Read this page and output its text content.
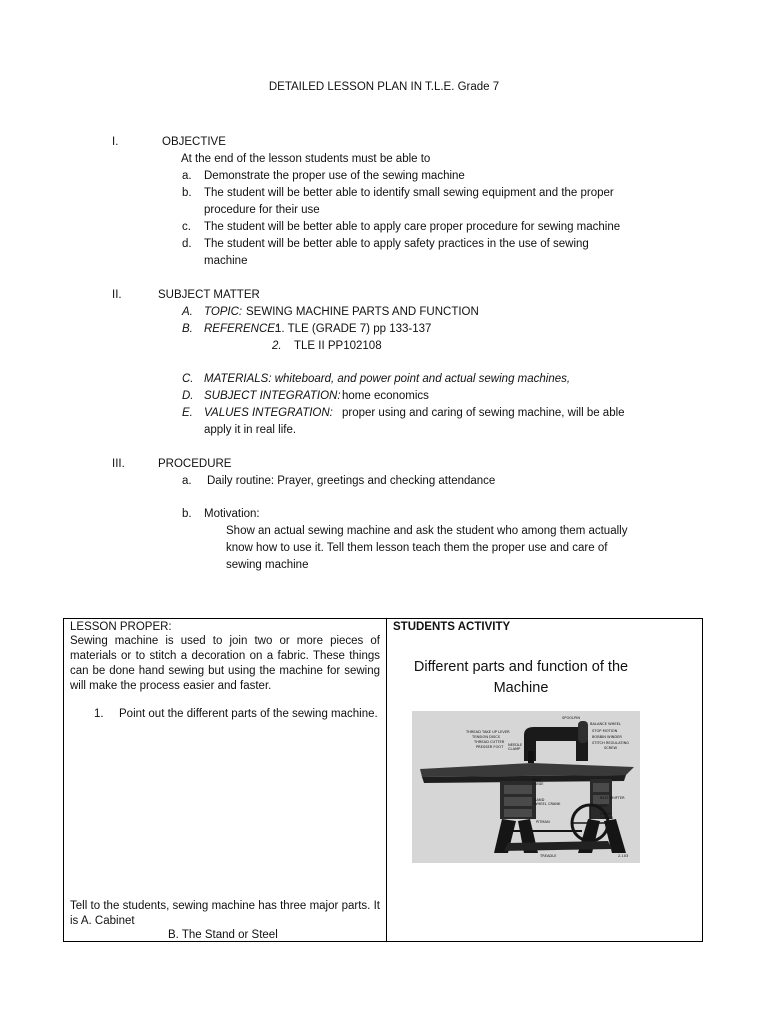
DETAILED LESSON PLAN IN T.L.E. Grade 7
I.	OBJECTIVE
At the end of the lesson students must be able to
a. Demonstrate the proper use of the sewing machine
b. The student will be better able to identify small sewing equipment and the proper
procedure for their use
c. The student will be better able to apply care proper procedure for sewing machine
d. The student will be better able to apply safety practices in the use of sewing
machine
II.	SUBJECT MATTER
A. TOPIC: SEWING MACHINE PARTS AND FUNCTION
B. REFERENCE:
1. TLE (GRADE 7) pp 133-137
2. TLE II PP102108
C. MATERIALS: whiteboard, and power point and actual sewing machines,
D. SUBJECT INTEGRATION: home economics
E. VALUES INTEGRATION: proper using and caring of sewing machine, will be able
apply it in real life.
III.	PROCEDURE
a. Daily routine: Prayer, greetings and checking attendance
b. Motivation:
Show an actual sewing machine and ask the student who among them actually
know how to use it. Tell them lesson teach them the proper use and care of
sewing machine
LESSON PROPER:
Sewing machine is used to join two or more pieces of materials or to stitch a decoration on a fabric. These things can be done hand sewing but using the machine for sewing will make the process easier and faster.
1. Point out the different parts of the sewing machine.
Tell to the students, sewing machine has three major parts. It is A. Cabinet
B. The Stand or Steel
STUDENTS ACTIVITY
Different parts and function of the
Machine
SPOOLPIN
BALANCE WHEEL
THREAD TAKE UP LEVER	STOP MOTION
TENSION DISCS	BOBBIN WINDER
THREAD CUTTER	STITCH REGULATING
PRESSER FOOT	SCREW
NEEDLE
CLAMP
BELT
GUIDE
BAND
WHEEL CRANK
BELT SHIFTER
LEG
DRESS
GUARD
PITMAN
TREADLE	2.103
